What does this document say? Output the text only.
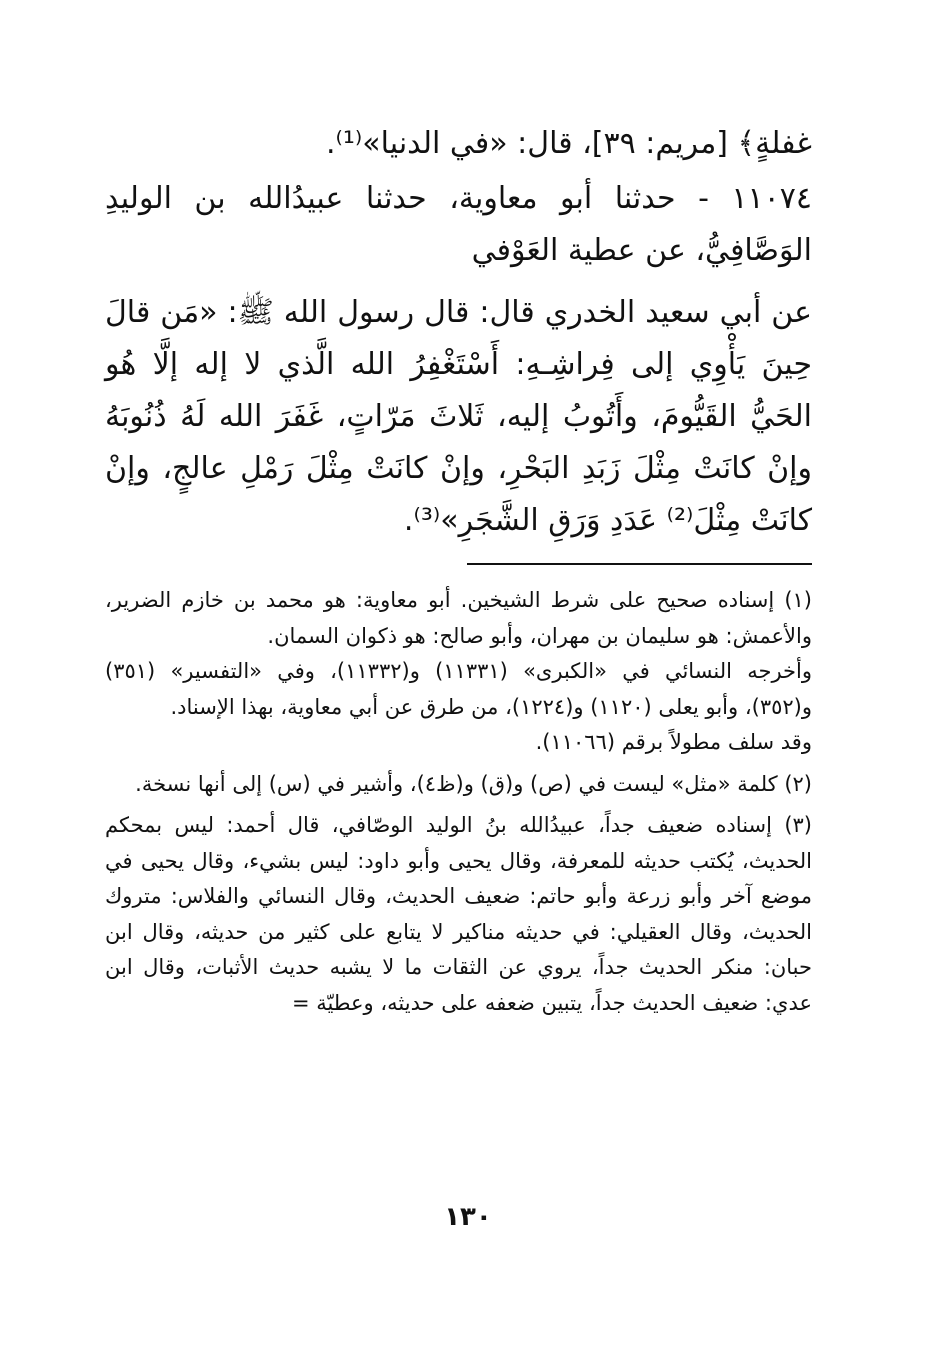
غفلةٍ﴾ [مريم: ٣٩]، قال: «في الدنيا»⁽¹⁾.

١١٠٧٤ - حدثنا أبو معاوية، حدثنا عبيدُالله بن الوليدِ الوَصَّافِيُّ، عن عطية العَوْفي

عن أبي سعيد الخدري قال: قال رسول الله ﷺ: «مَن قالَ حِينَ يَأْوِي إلى فِراشِـهِ: أَسْتَغْفِرُ الله الَّذي لا إله إلَّا هُو الحَيُّ القَيُّومَ، وأَتُوبُ إليه، ثَلاثَ مَرّاتٍ، غَفَرَ الله لَهُ ذُنُوبَهُ وإنْ كانَتْ مِثْلَ زَبَدِ البَحْرِ، وإنْ كانَتْ مِثْلَ رَمْلِ عالجٍ، وإنْ كانَتْ مِثْلَ⁽²⁾ عَدَدِ وَرَقِ الشَّجَرِ»⁽³⁾.

(١) إسناده صحيح على شرط الشيخين. أبو معاوية: هو محمد بن خازم الضرير، والأعمش: هو سليمان بن مهران، وأبو صالح: هو ذكوان السمان.

وأخرجه النسائي في «الكبرى» (١١٣٣١) و(١١٣٣٢)، وفي «التفسير» (٣٥١) و(٣٥٢)، وأبو يعلى (١١٢٠) و(١٢٢٤)، من طرق عن أبي معاوية، بهذا الإسناد.

وقد سلف مطولاً برقم (١١٠٦٦).

(٢) كلمة «مثل» ليست في (ص) و(ق) و(ظ٤)، وأشير في (س) إلى أنها نسخة.

(٣) إسناده ضعيف جداً، عبيدُالله بنُ الوليد الوصّافي، قال أحمد: ليس بمحكم الحديث، يُكتب حديثه للمعرفة، وقال يحيى وأبو داود: ليس بشيء، وقال يحيى في موضع آخر وأبو زرعة وأبو حاتم: ضعيف الحديث، وقال النسائي والفلاس: متروك الحديث، وقال العقيلي: في حديثه مناكير لا يتابع على كثير من حديثه، وقال ابن حبان: منكر الحديث جداً، يروي عن الثقات ما لا يشبه حديث الأثبات، وقال ابن عدي: ضعيف الحديث جداً، يتبين ضعفه على حديثه، وعطيّة =

١٣٠
